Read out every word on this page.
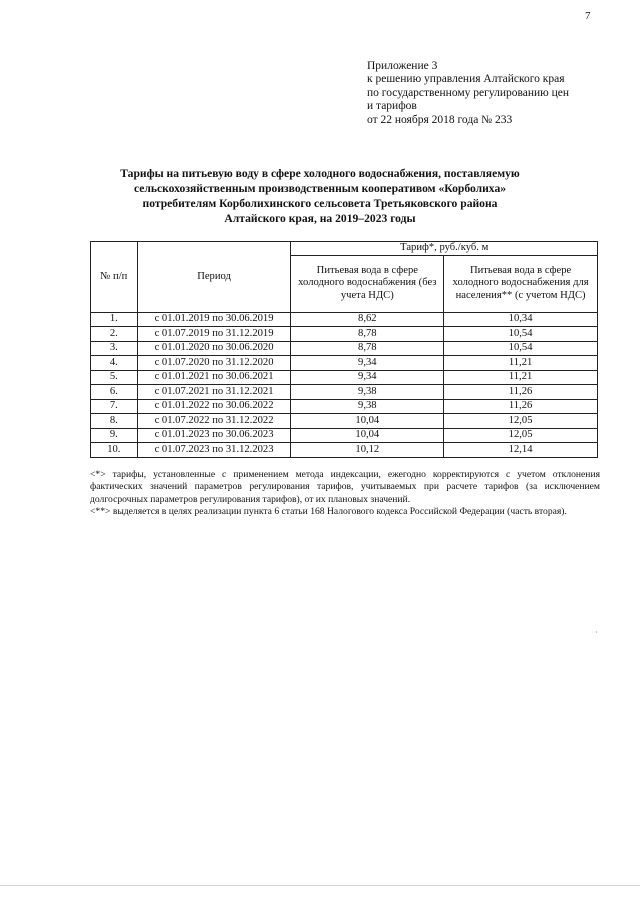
7
Приложение 3
к решению управления Алтайского края
по государственному регулированию цен
и тарифов
от 22 ноября 2018 года № 233
Тарифы на питьевую воду в сфере холодного водоснабжения, поставляемую
сельскохозяйственным производственным кооперативом «Корболиха»
потребителям Корболихинского сельсовета Третьяковского района
Алтайского края, на 2019–2023 годы
№ п/п	Период	Тариф*, руб./куб. м	
		Питьевая вода в сфере холодного водоснабжения (без учета НДС)	Питьевая вода в сфере холодного водоснабжения для населения** (с учетом НДС)
1.	с 01.01.2019 по 30.06.2019	8,62	10,34
2.	с 01.07.2019 по 31.12.2019	8,78	10,54
3.	с 01.01.2020 по 30.06.2020	8,78	10,54
4.	с 01.07.2020 по 31.12.2020	9,34	11,21
5.	с 01.01.2021 по 30.06.2021	9,34	11,21
6.	с 01.07.2021 по 31.12.2021	9,38	11,26
7.	с 01.01.2022 по 30.06.2022	9,38	11,26
8.	с 01.07.2022 по 31.12.2022	10,04	12,05
9.	с 01.01.2023 по 30.06.2023	10,04	12,05
10.	с 01.07.2023 по 31.12.2023	10,12	12,14

<*> тарифы, установленные с применением метода индексации, ежегодно корректируются с учетом отклонения фактических значений параметров регулирования тарифов, учитываемых при расчете тарифов (за исключением долгосрочных параметров регулирования тарифов), от их плановых значений.

<**> выделяется в целях реализации пункта 6 статьи 168 Налогового кодекса Российской Федерации (часть вторая).

·
